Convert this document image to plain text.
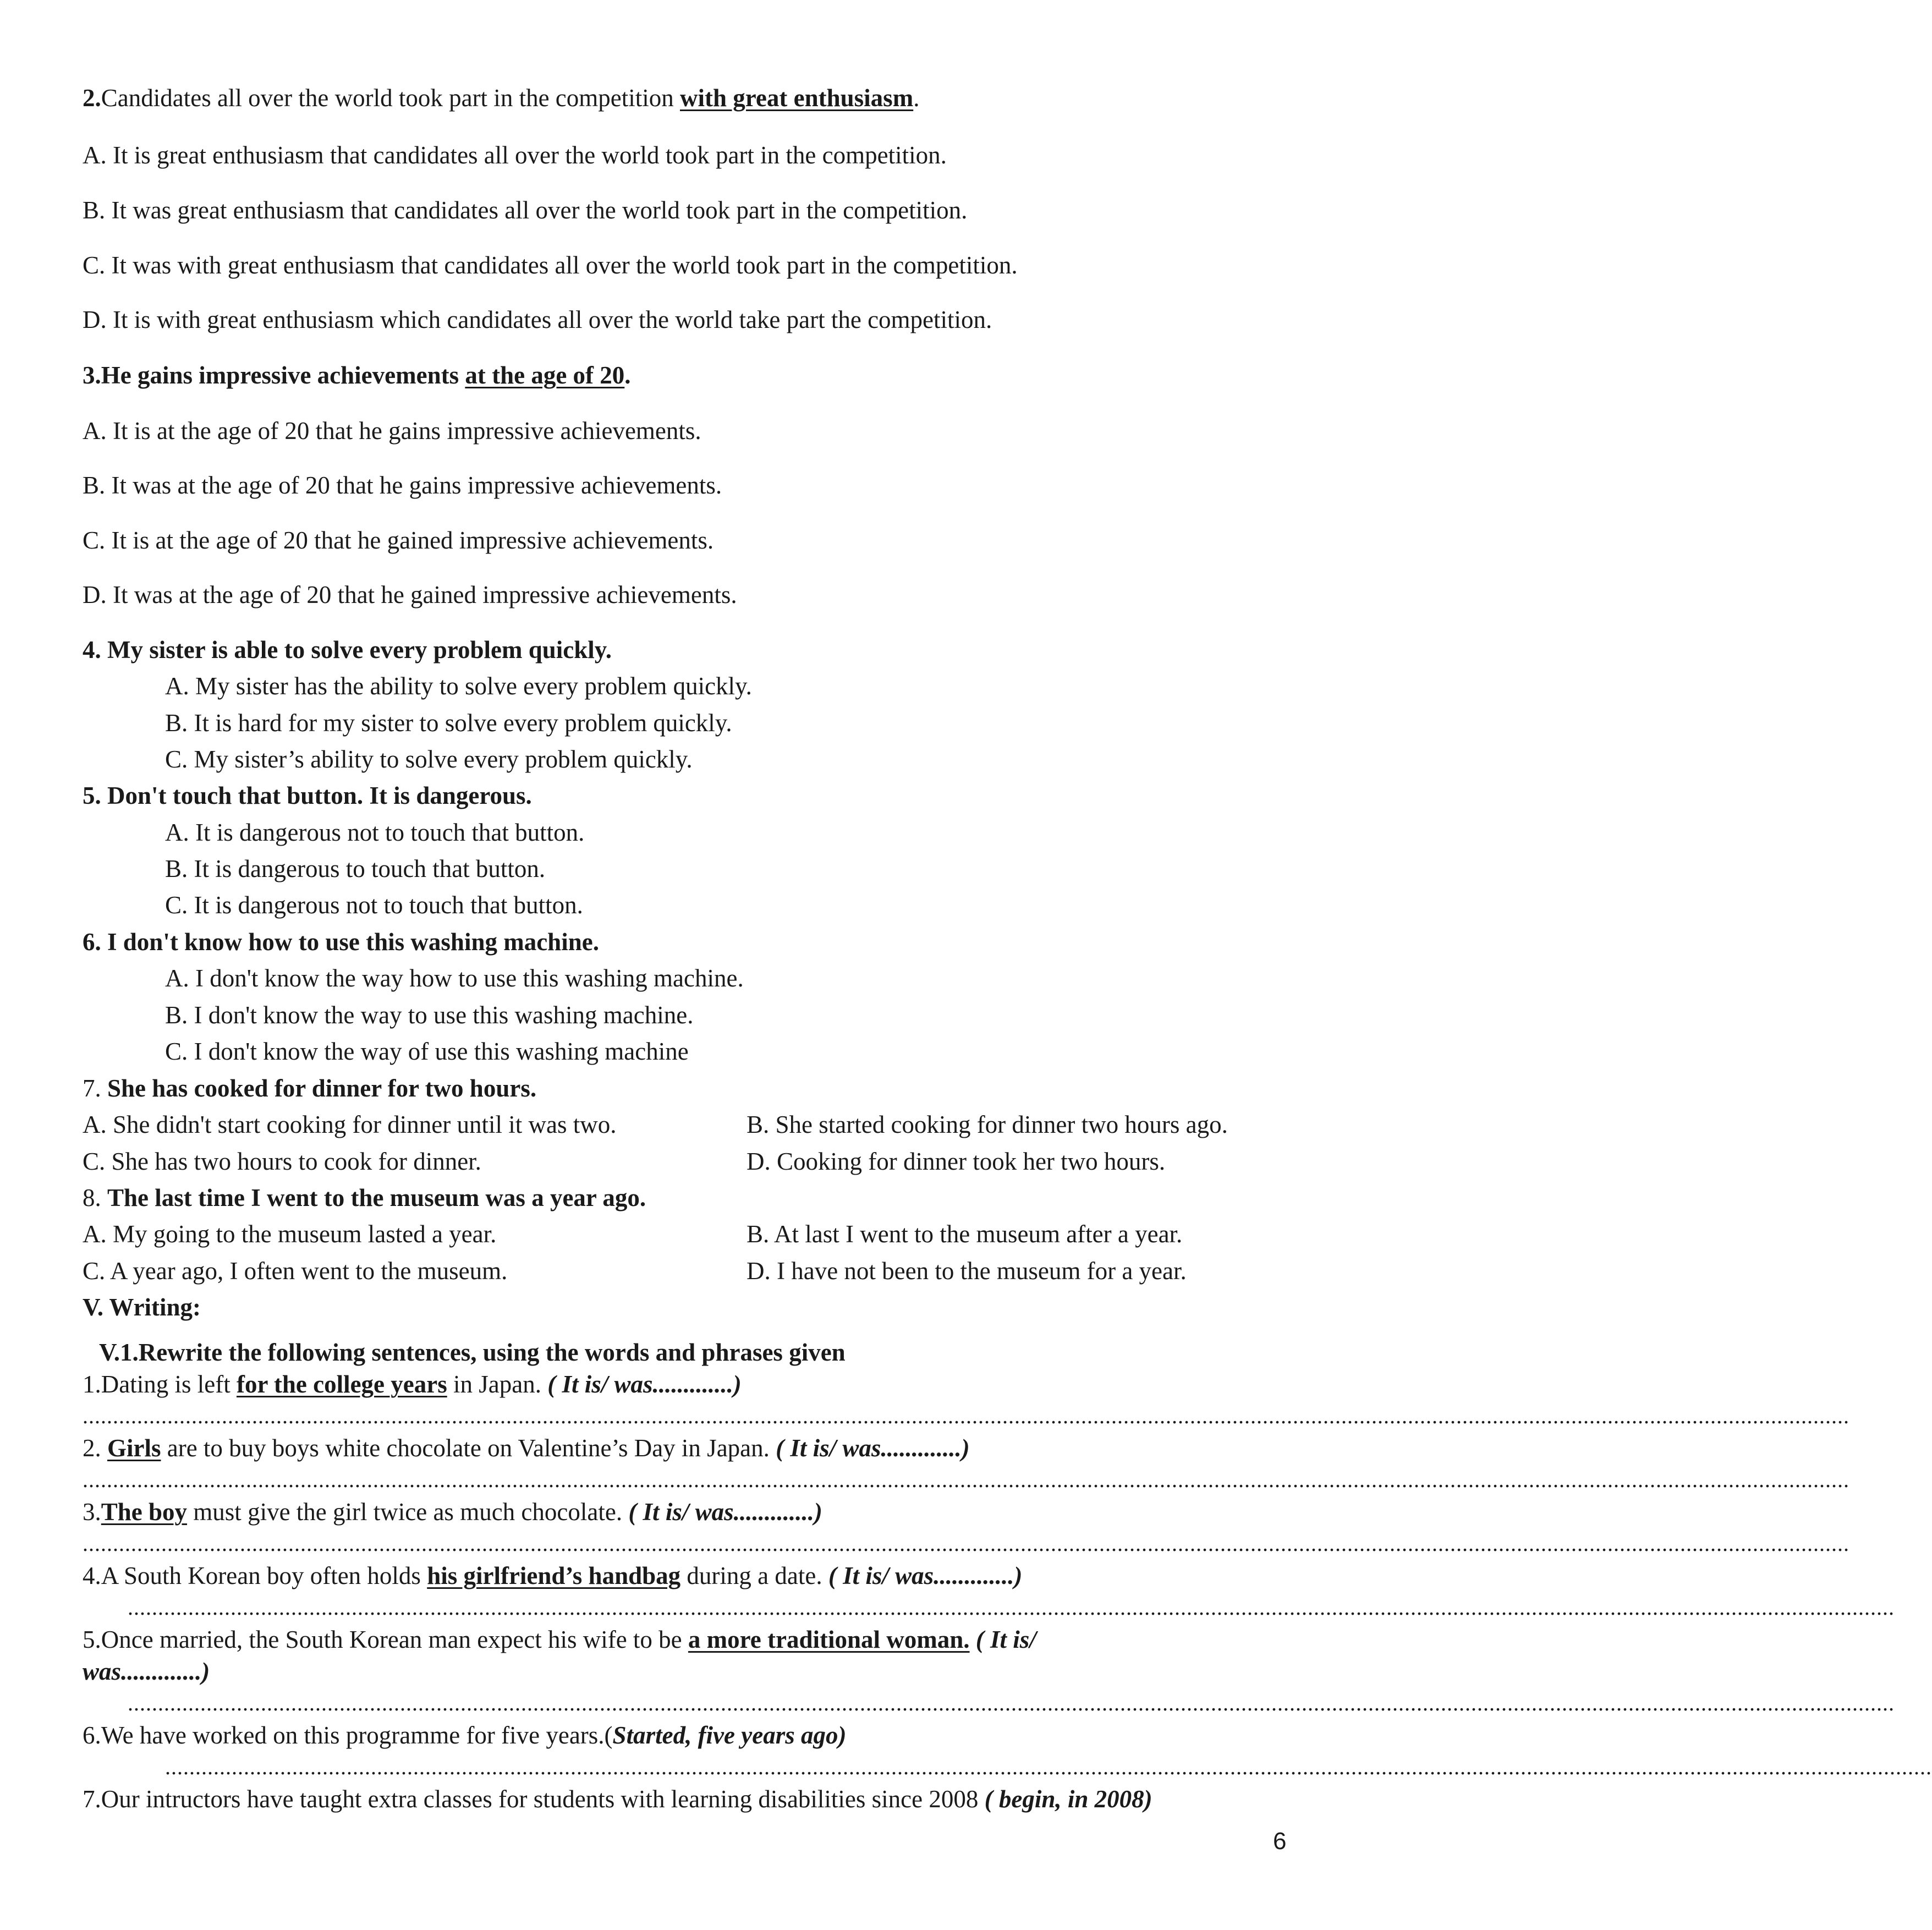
2.Candidates all over the world took part in the competition with great enthusiasm.
A. It is great enthusiasm that candidates all over the world took part in the competition.
B. It was great enthusiasm that candidates all over the world took part in the competition.
C. It was with great enthusiasm that candidates all over the world took part in the competition.
D. It is with great enthusiasm which candidates all over the world take part the competition.
3.He gains impressive achievements at the age of 20.
A. It is at the age of 20 that he gains impressive achievements.
B. It was at the age of 20 that he gains impressive achievements.
C. It is at the age of 20 that he gained impressive achievements.
D. It was at the age of 20 that he gained impressive achievements.
4. My sister is able to solve every problem quickly.
A. My sister has the ability to solve every problem quickly.
B. It is hard for my sister to solve every problem quickly.
C. My sister’s ability to solve every problem quickly.
5. Don't touch that button. It is dangerous.
A. It is dangerous not to touch that button.
B. It is dangerous to touch that button.
C. It is dangerous not to touch that button.
6. I don't know how to use this washing machine.
A. I don't know the way how to use this washing machine.
B. I don't know the way to use this washing machine.
C. I don't know the way of use this washing machine
7. She has cooked for dinner for two hours.
A. She didn't start cooking for dinner until it was two.	B. She started cooking for dinner two hours ago.
C. She has two hours to cook for dinner.	D. Cooking for dinner took her two hours.
8. The last time I went to the museum was a year ago.
A. My going to the museum lasted a year.	B. At last I went to the museum after a year.
C. A year ago, I often went to the museum.	D. I have not been to the museum for a year.
V. Writing:
V.1.Rewrite the following sentences, using the words and phrases given
1.Dating is left for the college years in Japan. ( It is/ was.............)
....................................................................................................................................................................................................................................................................................................
2. Girls are to buy boys white chocolate on Valentine’s Day in Japan. ( It is/ was.............)
....................................................................................................................................................................................................................................................................................................
3.The boy must give the girl twice as much chocolate. ( It is/ was.............)
....................................................................................................................................................................................................................................................................................................
4.A South Korean boy often holds his girlfriend’s handbag during a date. ( It is/ was.............)
....................................................................................................................................................................................................................................................................................................
5.Once married, the South Korean man expect his wife to be a more traditional woman. ( It is/
was.............)
....................................................................................................................................................................................................................................................................................................
6.We have worked on this programme for five years.(Started, five years ago)
....................................................................................................................................................................................................................................................................................................
7.Our intructors have taught extra classes for students with learning disabilities since 2008 ( begin, in 2008)
6
